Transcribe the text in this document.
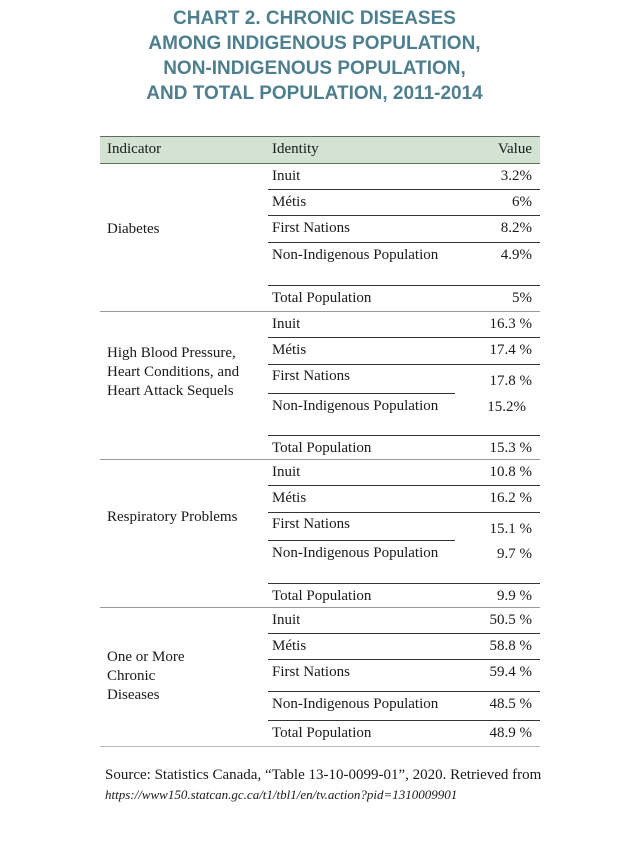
CHART 2. CHRONIC DISEASES
AMONG INDIGENOUS POPULATION,
NON-INDIGENOUS POPULATION,
AND TOTAL POPULATION, 2011-2014
Indicator	Identity	Value
Diabetes
Inuit	3.2%
Métis	6%
First Nations	8.2%
Non-Indigenous Population	4.9%
Total Population	5%
High Blood Pressure, Heart Conditions, and Heart Attack Sequels
Inuit	16.3 %
Métis	17.4 %
First Nations	17.8 %
Non-Indigenous Population	15.2%
Total Population	15.3 %
Respiratory Problems
Inuit	10.8 %
Métis	16.2 %
First Nations	15.1 %
Non-Indigenous Population	9.7 %
Total Population	9.9 %
One or More Chronic Diseases
Inuit	50.5 %
Métis	58.8 %
First Nations	59.4 %
Non-Indigenous Population	48.5 %
Total Population	48.9 %
Source: Statistics Canada, “Table 13-10-0099-01”, 2020. Retrieved from
https://www150.statcan.gc.ca/t1/tbl1/en/tv.action?pid=1310009901
